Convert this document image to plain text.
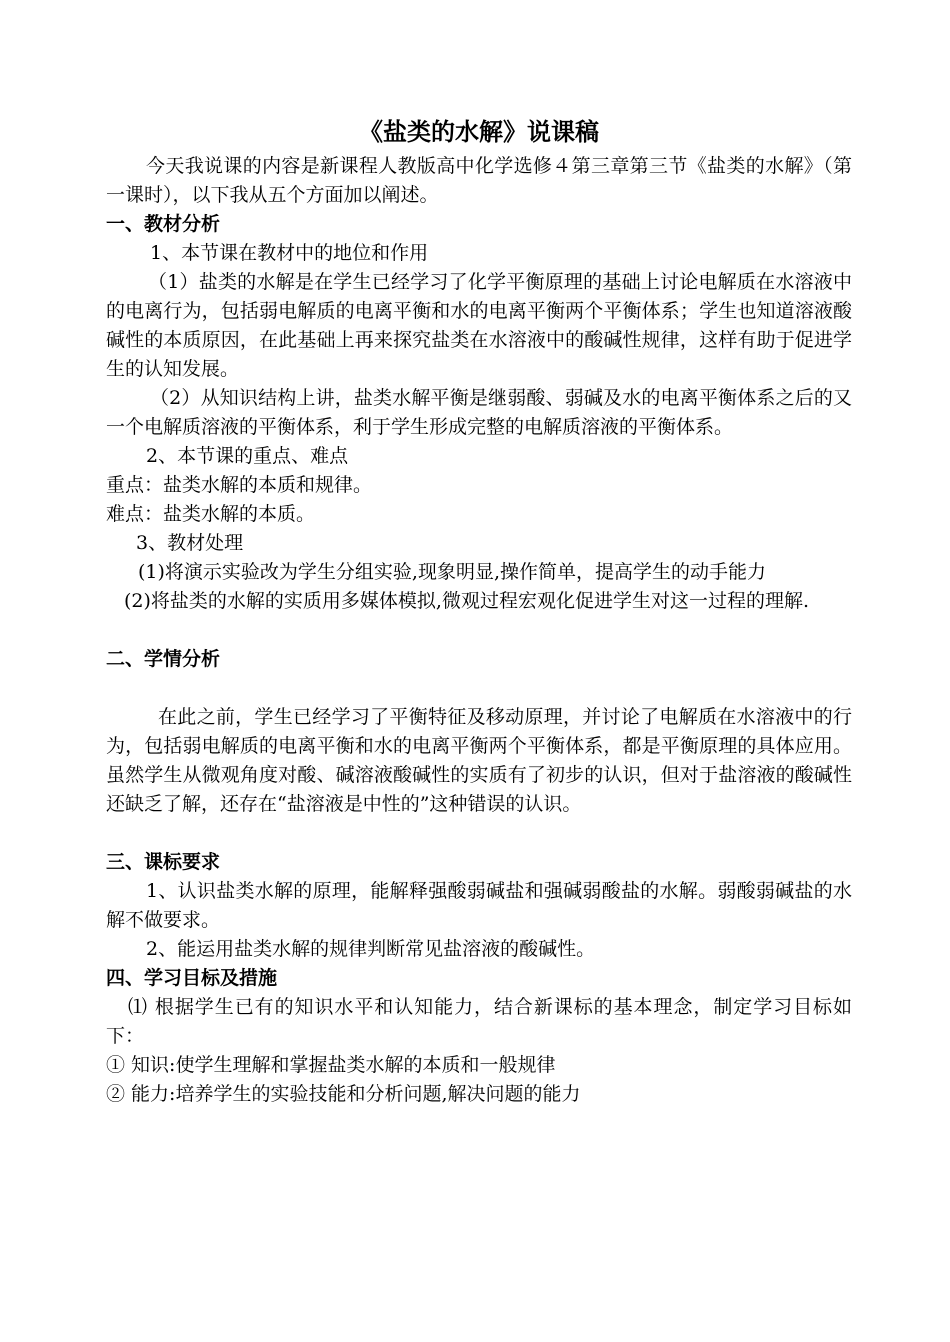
《盐类的水解》说课稿

今天我说课的内容是新课程人教版高中化学选修４第三章第三节《盐类的水解》（第一课时），以下我从五个方面加以阐述。

一、教材分析

1、本节课在教材中的地位和作用

（1）盐类的水解是在学生已经学习了化学平衡原理的基础上讨论电解质在水溶液中的电离行为，包括弱电解质的电离平衡和水的电离平衡两个平衡体系；学生也知道溶液酸碱性的本质原因，在此基础上再来探究盐类在水溶液中的酸碱性规律，这样有助于促进学生的认知发展。

（2）从知识结构上讲，盐类水解平衡是继弱酸、弱碱及水的电离平衡体系之后的又一个电解质溶液的平衡体系，利于学生形成完整的电解质溶液的平衡体系。

2、本节课的重点、难点

重点：盐类水解的本质和规律。

难点：盐类水解的本质。

3、教材处理

(1)将演示实验改为学生分组实验,现象明显,操作简单，提高学生的动手能力

(2)将盐类的水解的实质用多媒体模拟,微观过程宏观化促进学生对这一过程的理解.

二、学情分析

在此之前，学生已经学习了平衡特征及移动原理，并讨论了电解质在水溶液中的行为，包括弱电解质的电离平衡和水的电离平衡两个平衡体系，都是平衡原理的具体应用。虽然学生从微观角度对酸、碱溶液酸碱性的实质有了初步的认识，但对于盐溶液的酸碱性还缺乏了解，还存在“盐溶液是中性的”这种错误的认识。

三、课标要求

1、认识盐类水解的原理，能解释强酸弱碱盐和强碱弱酸盐的水解。弱酸弱碱盐的水解不做要求。

2、能运用盐类水解的规律判断常见盐溶液的酸碱性。

四、学习目标及措施

⑴ 根据学生已有的知识水平和认知能力，结合新课标的基本理念，制定学习目标如下：

① 知识:使学生理解和掌握盐类水解的本质和一般规律

② 能力:培养学生的实验技能和分析问题,解决问题的能力
